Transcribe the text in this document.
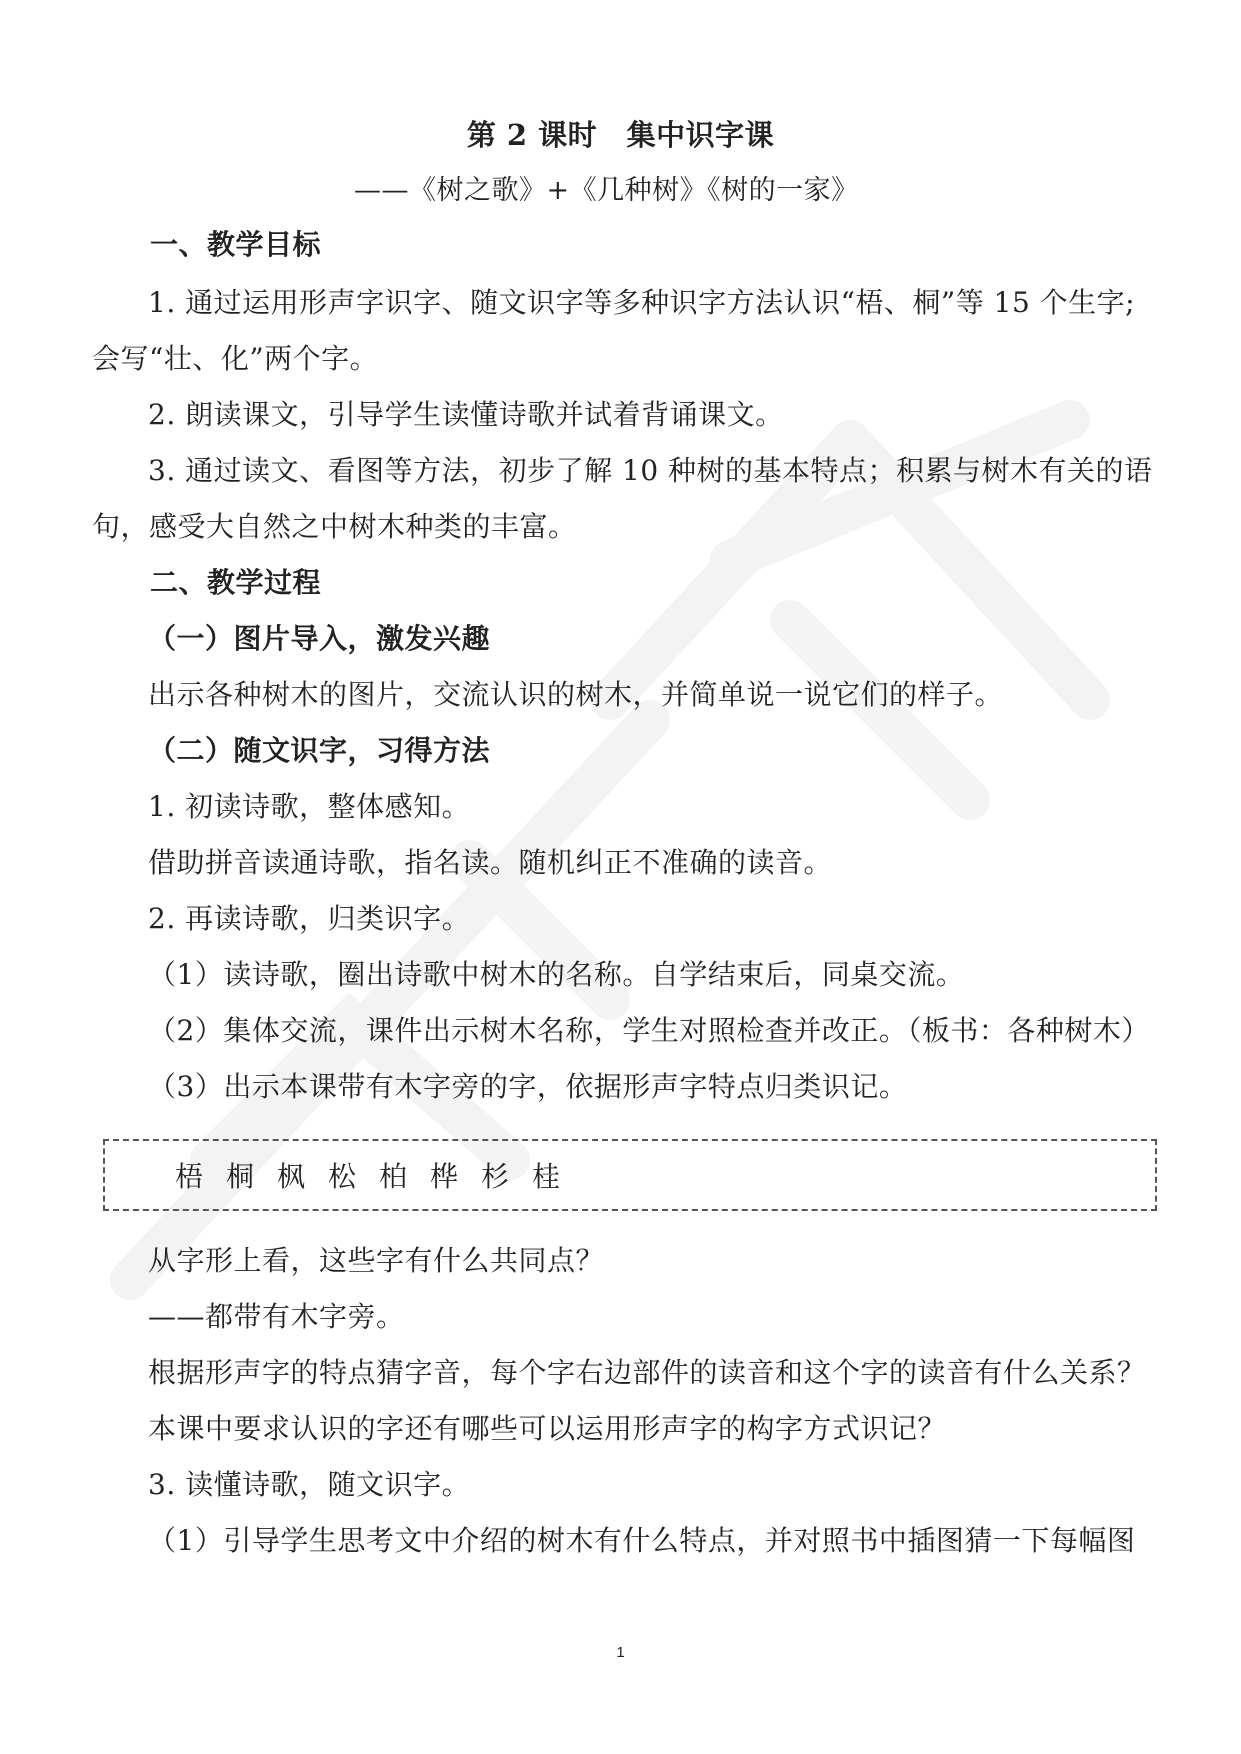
第 2 课时　集中识字课
——《树之歌》+《几种树》《树的一家》
一、教学目标
1. 通过运用形声字识字、随文识字等多种识字方法认识“梧、桐”等 15 个生字;
会写“壮、化”两个字。
2. 朗读课文，引导学生读懂诗歌并试着背诵课文。
3. 通过读文、看图等方法，初步了解 10 种树的基本特点；积累与树木有关的语
句，感受大自然之中树木种类的丰富。
二、教学过程
（一）图片导入，激发兴趣
出示各种树木的图片，交流认识的树木，并简单说一说它们的样子。
（二）随文识字，习得方法
1. 初读诗歌，整体感知。
借助拼音读通诗歌，指名读。随机纠正不准确的读音。
2. 再读诗歌，归类识字。
（1）读诗歌，圈出诗歌中树木的名称。自学结束后，同桌交流。
（2）集体交流，课件出示树木名称，学生对照检查并改正。（板书：各种树木）
（3）出示本课带有木字旁的字，依据形声字特点归类识记。
梧 桐 枫 松 柏 桦 杉 桂
从字形上看，这些字有什么共同点？
——都带有木字旁。
根据形声字的特点猜字音，每个字右边部件的读音和这个字的读音有什么关系？
本课中要求认识的字还有哪些可以运用形声字的构字方式识记？
3. 读懂诗歌，随文识字。
（1）引导学生思考文中介绍的树木有什么特点，并对照书中插图猜一下每幅图
1
